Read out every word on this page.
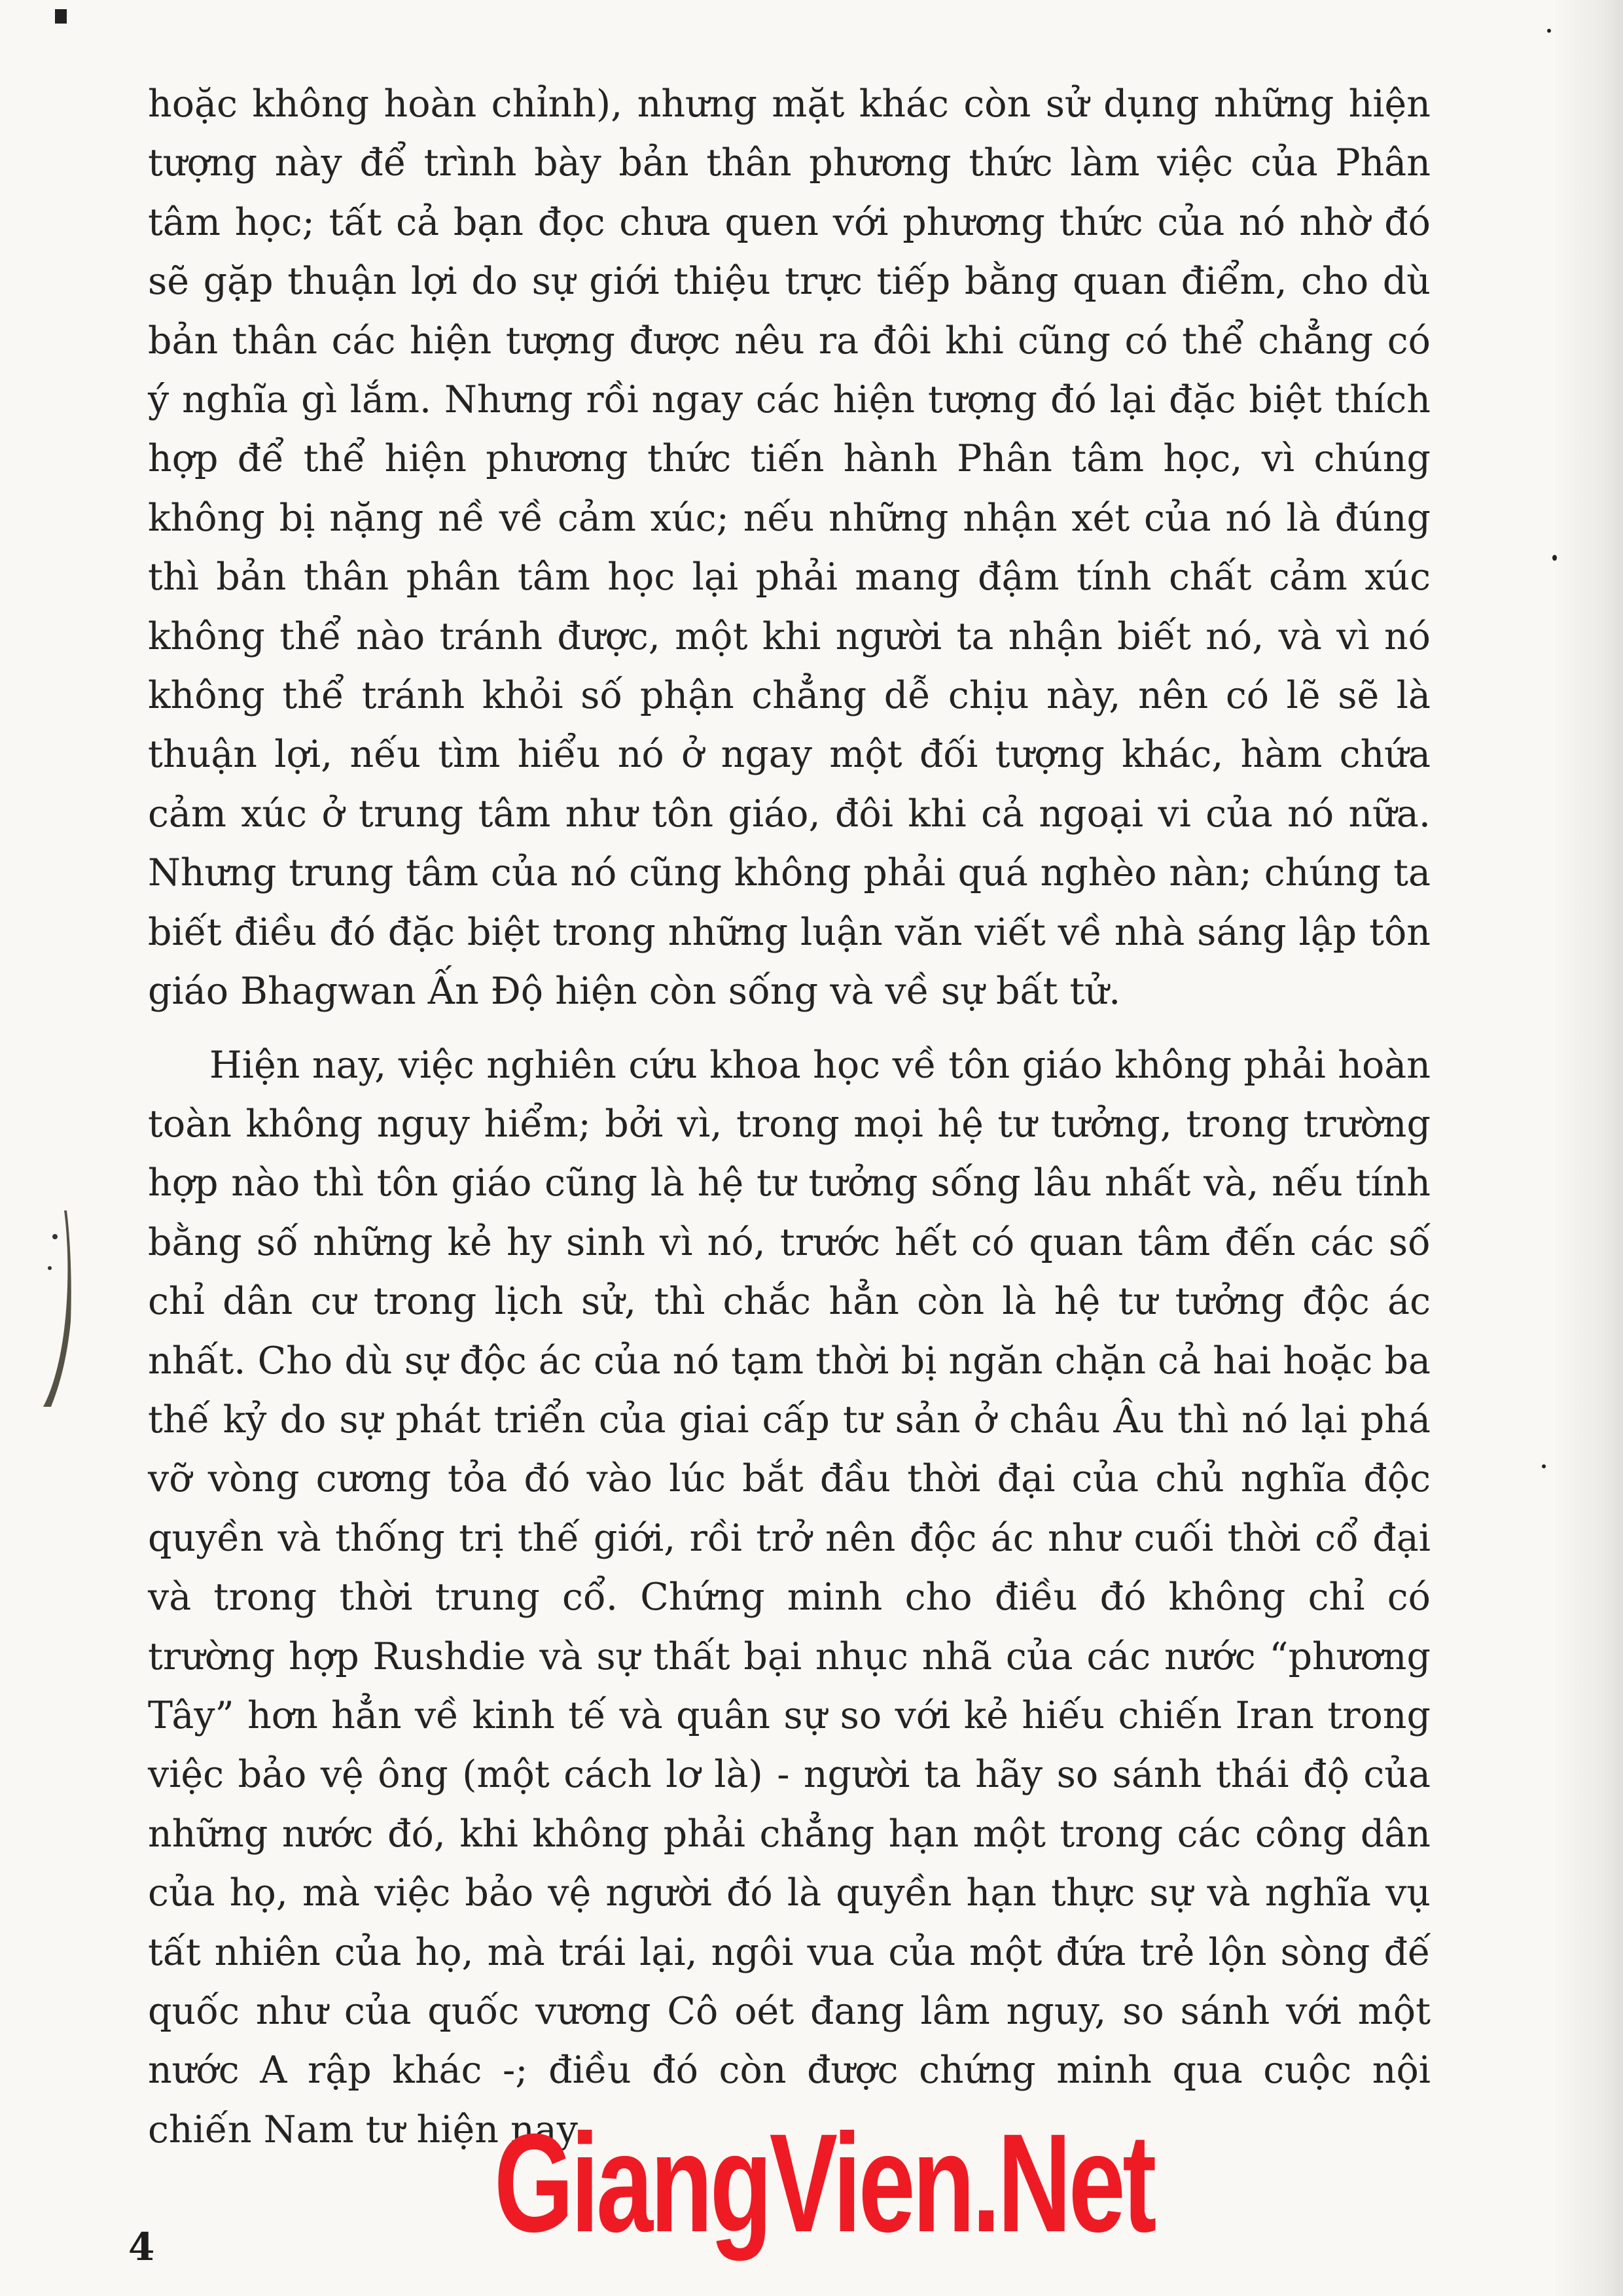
hoặc không hoàn chỉnh), nhưng mặt khác còn sử dụng những hiện tượng này để trình bày bản thân phương thức làm việc của Phân tâm học; tất cả bạn đọc chưa quen với phương thức của nó nhờ đó sẽ gặp thuận lợi do sự giới thiệu trực tiếp bằng quan điểm, cho dù bản thân các hiện tượng được nêu ra đôi khi cũng có thể chẳng có ý nghĩa gì lắm. Nhưng rồi ngay các hiện tượng đó lại đặc biệt thích hợp để thể hiện phương thức tiến hành Phân tâm học, vì chúng không bị nặng nề về cảm xúc; nếu những nhận xét của nó là đúng thì bản thân phân tâm học lại phải mang đậm tính chất cảm xúc không thể nào tránh được, một khi người ta nhận biết nó, và vì nó không thể tránh khỏi số phận chẳng dễ chịu này, nên có lẽ sẽ là thuận lợi, nếu tìm hiểu nó ở ngay một đối tượng khác, hàm chứa cảm xúc ở trung tâm như tôn giáo, đôi khi cả ngoại vi của nó nữa. Nhưng trung tâm của nó cũng không phải quá nghèo nàn; chúng ta biết điều đó đặc biệt trong những luận văn viết về nhà sáng lập tôn giáo Bhagwan Ấn Độ hiện còn sống và về sự bất tử.

Hiện nay, việc nghiên cứu khoa học về tôn giáo không phải hoàn toàn không nguy hiểm; bởi vì, trong mọi hệ tư tưởng, trong trường hợp nào thì tôn giáo cũng là hệ tư tưởng sống lâu nhất và, nếu tính bằng số những kẻ hy sinh vì nó, trước hết có quan tâm đến các số chỉ dân cư trong lịch sử, thì chắc hẳn còn là hệ tư tưởng độc ác nhất. Cho dù sự độc ác của nó tạm thời bị ngăn chặn cả hai hoặc ba thế kỷ do sự phát triển của giai cấp tư sản ở châu Âu thì nó lại phá vỡ vòng cương tỏa đó vào lúc bắt đầu thời đại của chủ nghĩa độc quyền và thống trị thế giới, rồi trở nên độc ác như cuối thời cổ đại và trong thời trung cổ. Chứng minh cho điều đó không chỉ có trường hợp Rushdie và sự thất bại nhục nhã của các nước “phương Tây” hơn hẳn về kinh tế và quân sự so với kẻ hiếu chiến Iran trong việc bảo vệ ông (một cách lơ là) - người ta hãy so sánh thái độ của những nước đó, khi không phải chẳng hạn một trong các công dân của họ, mà việc bảo vệ người đó là quyền hạn thực sự và nghĩa vụ tất nhiên của họ, mà trái lại, ngôi vua của một đứa trẻ lộn sòng đế quốc như của quốc vương Cô oét đang lâm nguy, so sánh với một nước A rập khác -; điều đó còn được chứng minh qua cuộc nội chiến Nam tư hiện nay

GiangVien.Net
4
